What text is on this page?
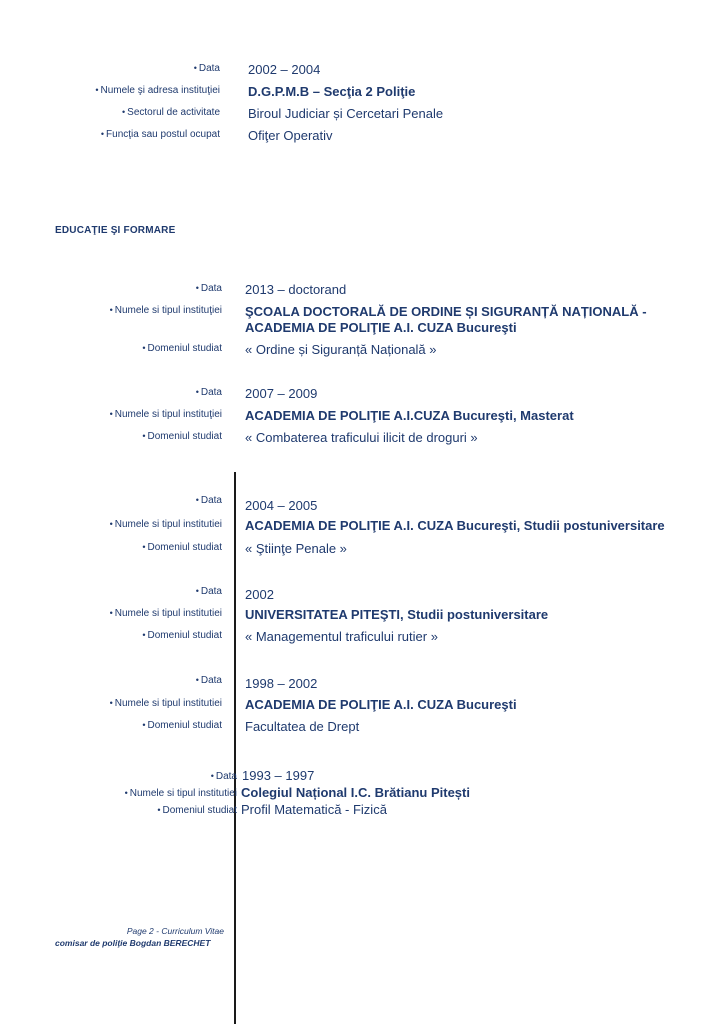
• Data 2002 – 2004
• Numele şi adresa instituţiei D.G.P.M.B – Secţia 2 Poliţie
• Sectorul de activitate Biroul Judiciar și Cercetari Penale
• Funcţia sau postul ocupat Ofiţer Operativ
EDUCAŢIE ŞI FORMARE
• Data 2013 – doctorand
• Numele si tipul instituţiei ŞCOALA DOCTORALĂ DE ORDINE ȘI SIGURANȚĂ NAȚIONALĂ -
ACADEMIA DE POLIŢIE A.I. CUZA Bucureşti
• Domeniul studiat « Ordine și Siguranță Națională »
• Data 2007 – 2009
• Numele si tipul instituţiei ACADEMIA DE POLIŢIE A.I.CUZA Bucureşti, Masterat
• Domeniul studiat « Combaterea traficului ilicit de droguri »
• Data 2004 – 2005
• Numele si tipul institutiei ACADEMIA DE POLIŢIE A.I. CUZA Bucureşti, Studii postuniversitare
• Domeniul studiat « Ştiinţe Penale »
• Data 2002
• Numele si tipul institutiei UNIVERSITATEA PITEŞTI, Studii postuniversitare
• Domeniul studiat « Managementul traficului rutier »
• Data 1998 – 2002
• Numele si tipul institutiei ACADEMIA DE POLIŢIE A.I. CUZA Bucureşti
• Domeniul studiat Facultatea de Drept
• Data 1993 – 1997
• Numele si tipul institutiei Colegiul Național I.C. Brătianu Pitești
• Domeniul studiat Profil Matematică - Fizică
Page 2 - Curriculum Vitae
comisar de poliţie Bogdan BERECHET
